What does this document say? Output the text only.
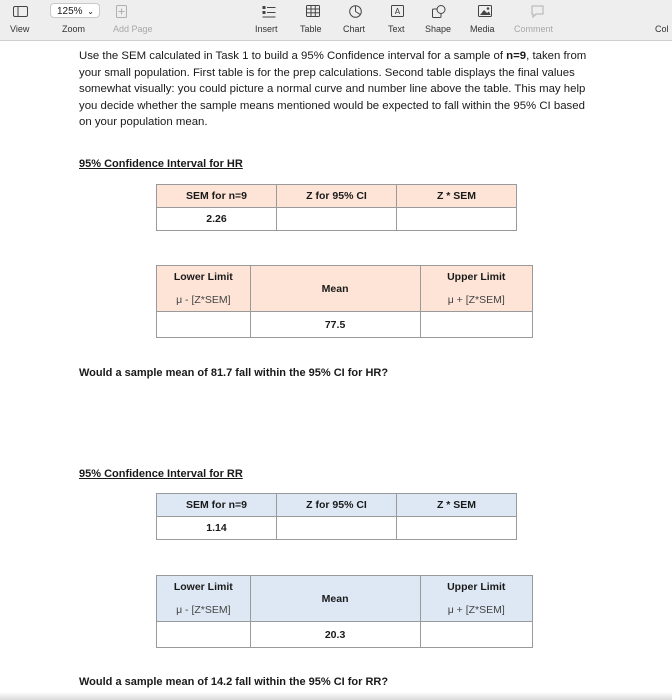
View
125% ⌄
Zoom	Add Page	Insert Table Chart
A
Text Shape Media Comment	Col

Use the SEM calculated in Task 1 to build a 95% Confidence interval for a sample of n=9, taken from your small population. First table is for the prep calculations. Second table displays the final values somewhat visually: you could picture a normal curve and number line above the table. This may help you decide whether the sample means mentioned would be expected to fall within the 95% CI based on your population mean.

95% Confidence Interval for HR

SEM for n=9	Z for 95% CI	Z * SEM
2.26		
Lower Limit	Mean	Upper Limit
μ - [Z*SEM]		μ + [Z*SEM]
	77.5	

Would a sample mean of 81.7 fall within the 95% CI for HR?

95% Confidence Interval for RR

SEM for n=9	Z for 95% CI	Z * SEM
1.14		
Lower Limit	Mean	Upper Limit
μ - [Z*SEM]		μ + [Z*SEM]
	20.3	

Would a sample mean of 14.2 fall within the 95% CI for RR?
